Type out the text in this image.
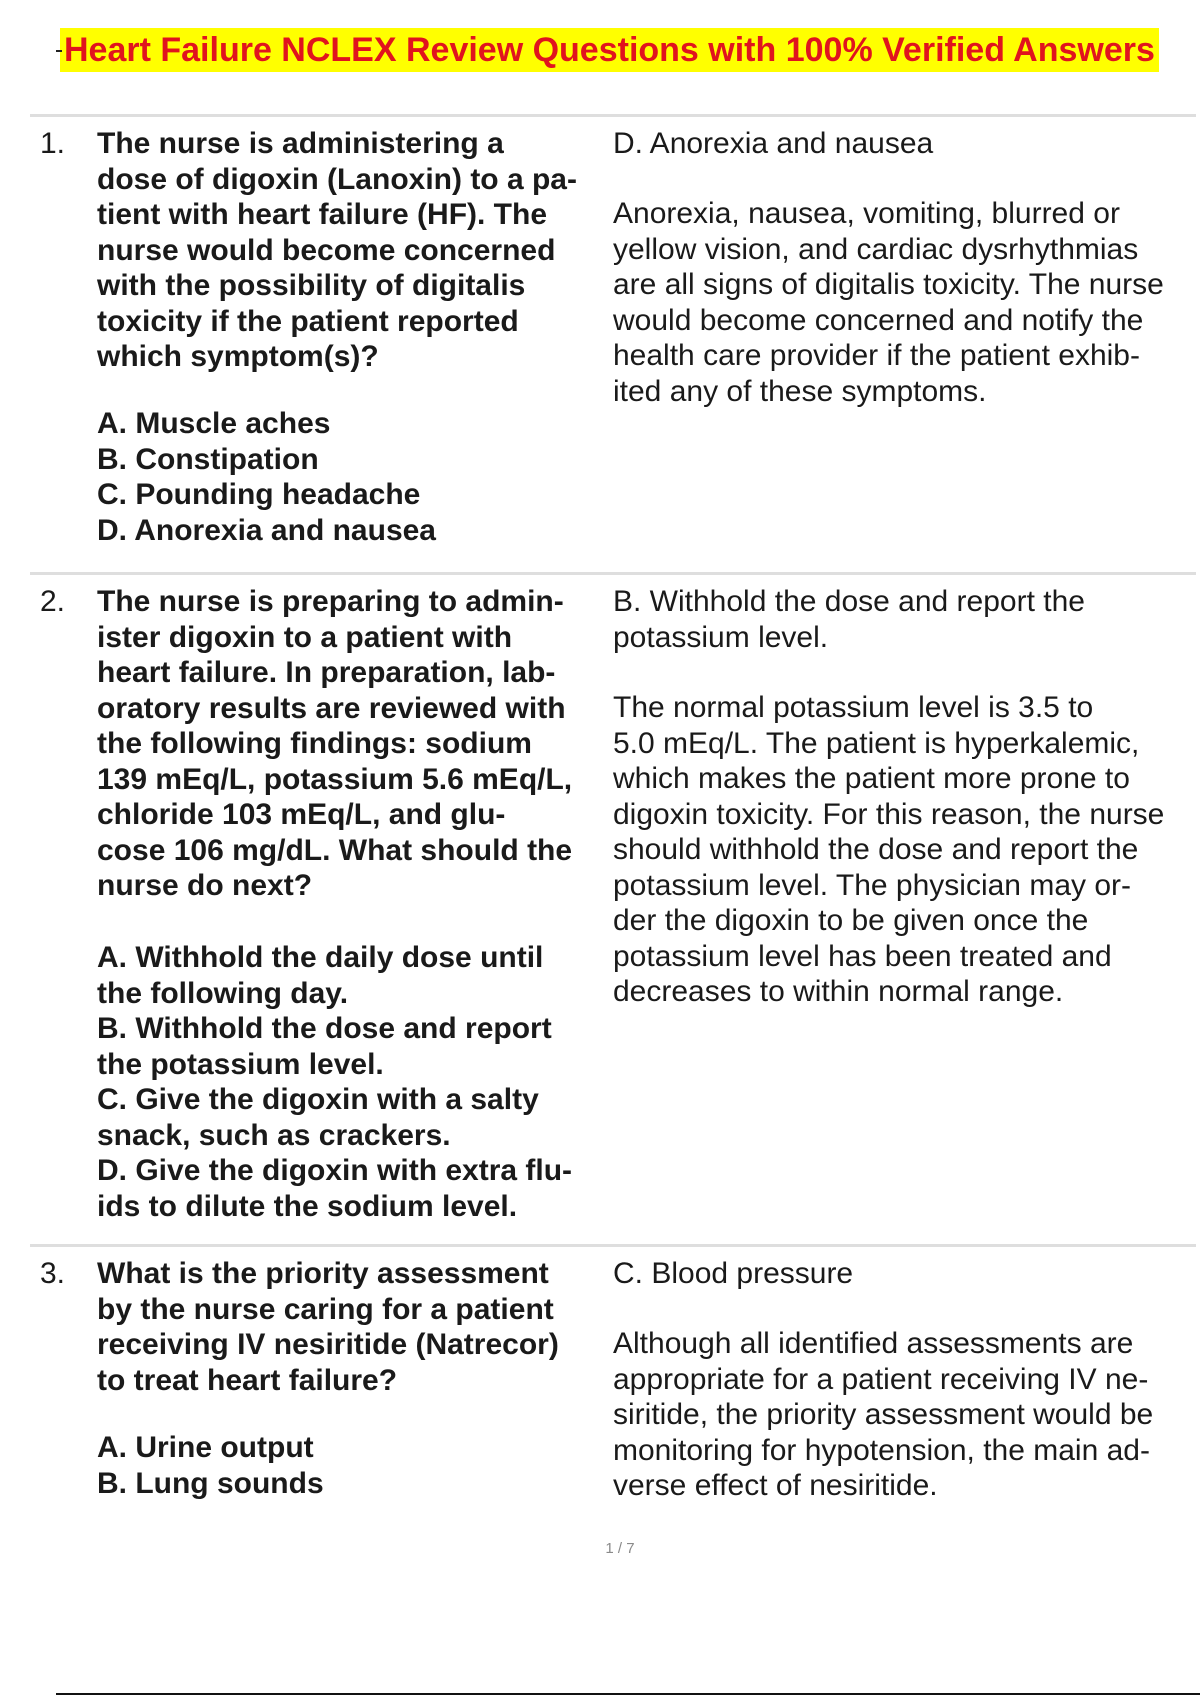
Heart Failure NCLEX Review Questions with 100% Verified Answers
1. The nurse is administering a
dose of digoxin (Lanoxin) to a pa-
tient with heart failure (HF). The
nurse would become concerned
with the possibility of digitalis
toxicity if the patient reported
which symptom(s)?
A. Muscle aches
B. Constipation
C. Pounding headache
D. Anorexia and nausea
D. Anorexia and nausea
Anorexia, nausea, vomiting, blurred or
yellow vision, and cardiac dysrhythmias
are all signs of digitalis toxicity. The nurse
would become concerned and notify the
health care provider if the patient exhib-
ited any of these symptoms.
2. The nurse is preparing to admin-
ister digoxin to a patient with
heart failure. In preparation, lab-
oratory results are reviewed with
the following findings: sodium
139 mEq/L, potassium 5.6 mEq/L,
chloride 103 mEq/L, and glu-
cose 106 mg/dL. What should the
nurse do next?
A. Withhold the daily dose until
the following day.
B. Withhold the dose and report
the potassium level.
C. Give the digoxin with a salty
snack, such as crackers.
D. Give the digoxin with extra flu-
ids to dilute the sodium level.
B. Withhold the dose and report the
potassium level.
The normal potassium level is 3.5 to
5.0 mEq/L. The patient is hyperkalemic,
which makes the patient more prone to
digoxin toxicity. For this reason, the nurse
should withhold the dose and report the
potassium level. The physician may or-
der the digoxin to be given once the
potassium level has been treated and
decreases to within normal range.
3. What is the priority assessment
by the nurse caring for a patient
receiving IV nesiritide (Natrecor)
to treat heart failure?
A. Urine output
B. Lung sounds
C. Blood pressure
Although all identified assessments are
appropriate for a patient receiving IV ne-
siritide, the priority assessment would be
monitoring for hypotension, the main ad-
verse effect of nesiritide.
1 / 7
